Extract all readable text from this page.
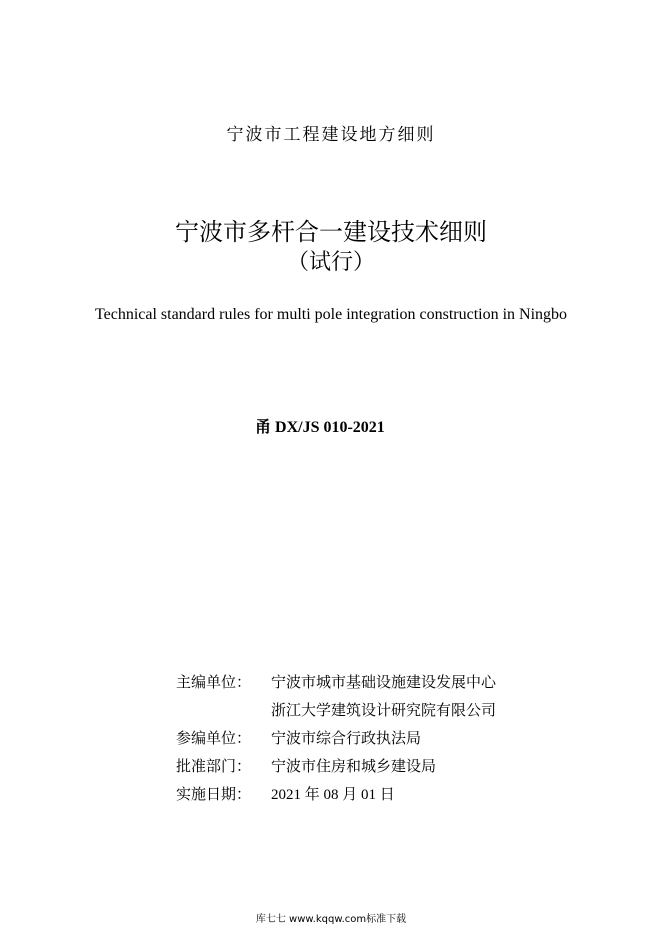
宁波市工程建设地方细则
宁波市多杆合一建设技术细则
（试行）
Technical standard rules for multi pole integration construction in Ningbo
甬 DX/JS 010-2021
主编单位：	宁波市城市基础设施建设发展中心
浙江大学建筑设计研究院有限公司
参编单位：	宁波市综合行政执法局
批准部门：	宁波市住房和城乡建设局
实施日期：	2021 年 08 月 01 日
库七七 www.kqqw.com标准下载
